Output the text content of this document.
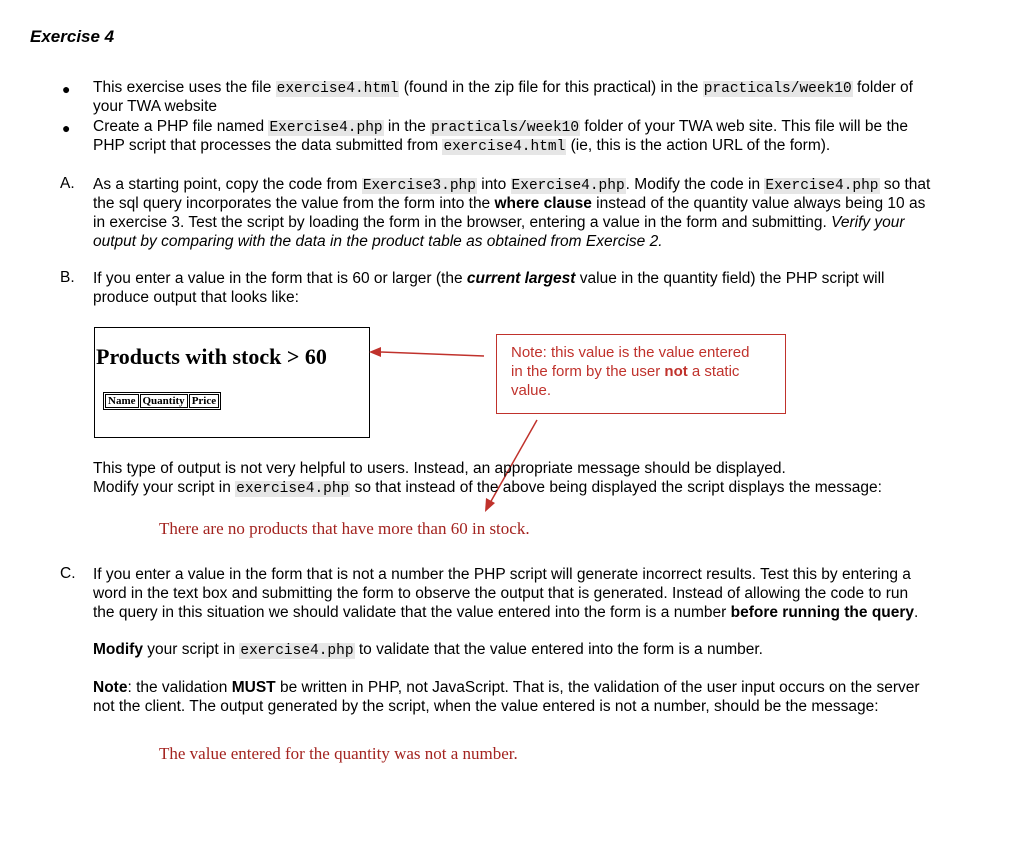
Exercise 4
● This exercise uses the file exercise4.html (found in the zip file for this practical) in the practicals/week10 folder of
your TWA website
● Create a PHP file named Exercise4.php in the practicals/week10 folder of your TWA web site. This file will be the
PHP script that processes the data submitted from exercise4.html (ie, this is the action URL of the form).
A. As a starting point, copy the code from Exercise3.php into Exercise4.php. Modify the code in Exercise4.php so that
the sql query incorporates the value from the form into the where clause instead of the quantity value always being 10 as
in exercise 3. Test the script by loading the form in the browser, entering a value in the form and submitting. Verify your
output by comparing with the data in the product table as obtained from Exercise 2.
B. If you enter a value in the form that is 60 or larger (the current largest value in the quantity field) the PHP script will
produce output that looks like:
Products with stock > 60
Name	Quantity	Price
Note: this value is the value entered
in the form by the user not a static
value.
This type of output is not very helpful to users. Instead, an appropriate message should be displayed.
Modify your script in exercise4.php so that instead of the above being displayed the script displays the message:
There are no products that have more than 60 in stock.
C. If you enter a value in the form that is not a number the PHP script will generate incorrect results. Test this by entering a
word in the text box and submitting the form to observe the output that is generated. Instead of allowing the code to run
the query in this situation we should validate that the value entered into the form is a number before running the query.
Modify your script in exercise4.php to validate that the value entered into the form is a number.
Note: the validation MUST be written in PHP, not JavaScript. That is, the validation of the user input occurs on the server
not the client. The output generated by the script, when the value entered is not a number, should be the message:
The value entered for the quantity was not a number.
